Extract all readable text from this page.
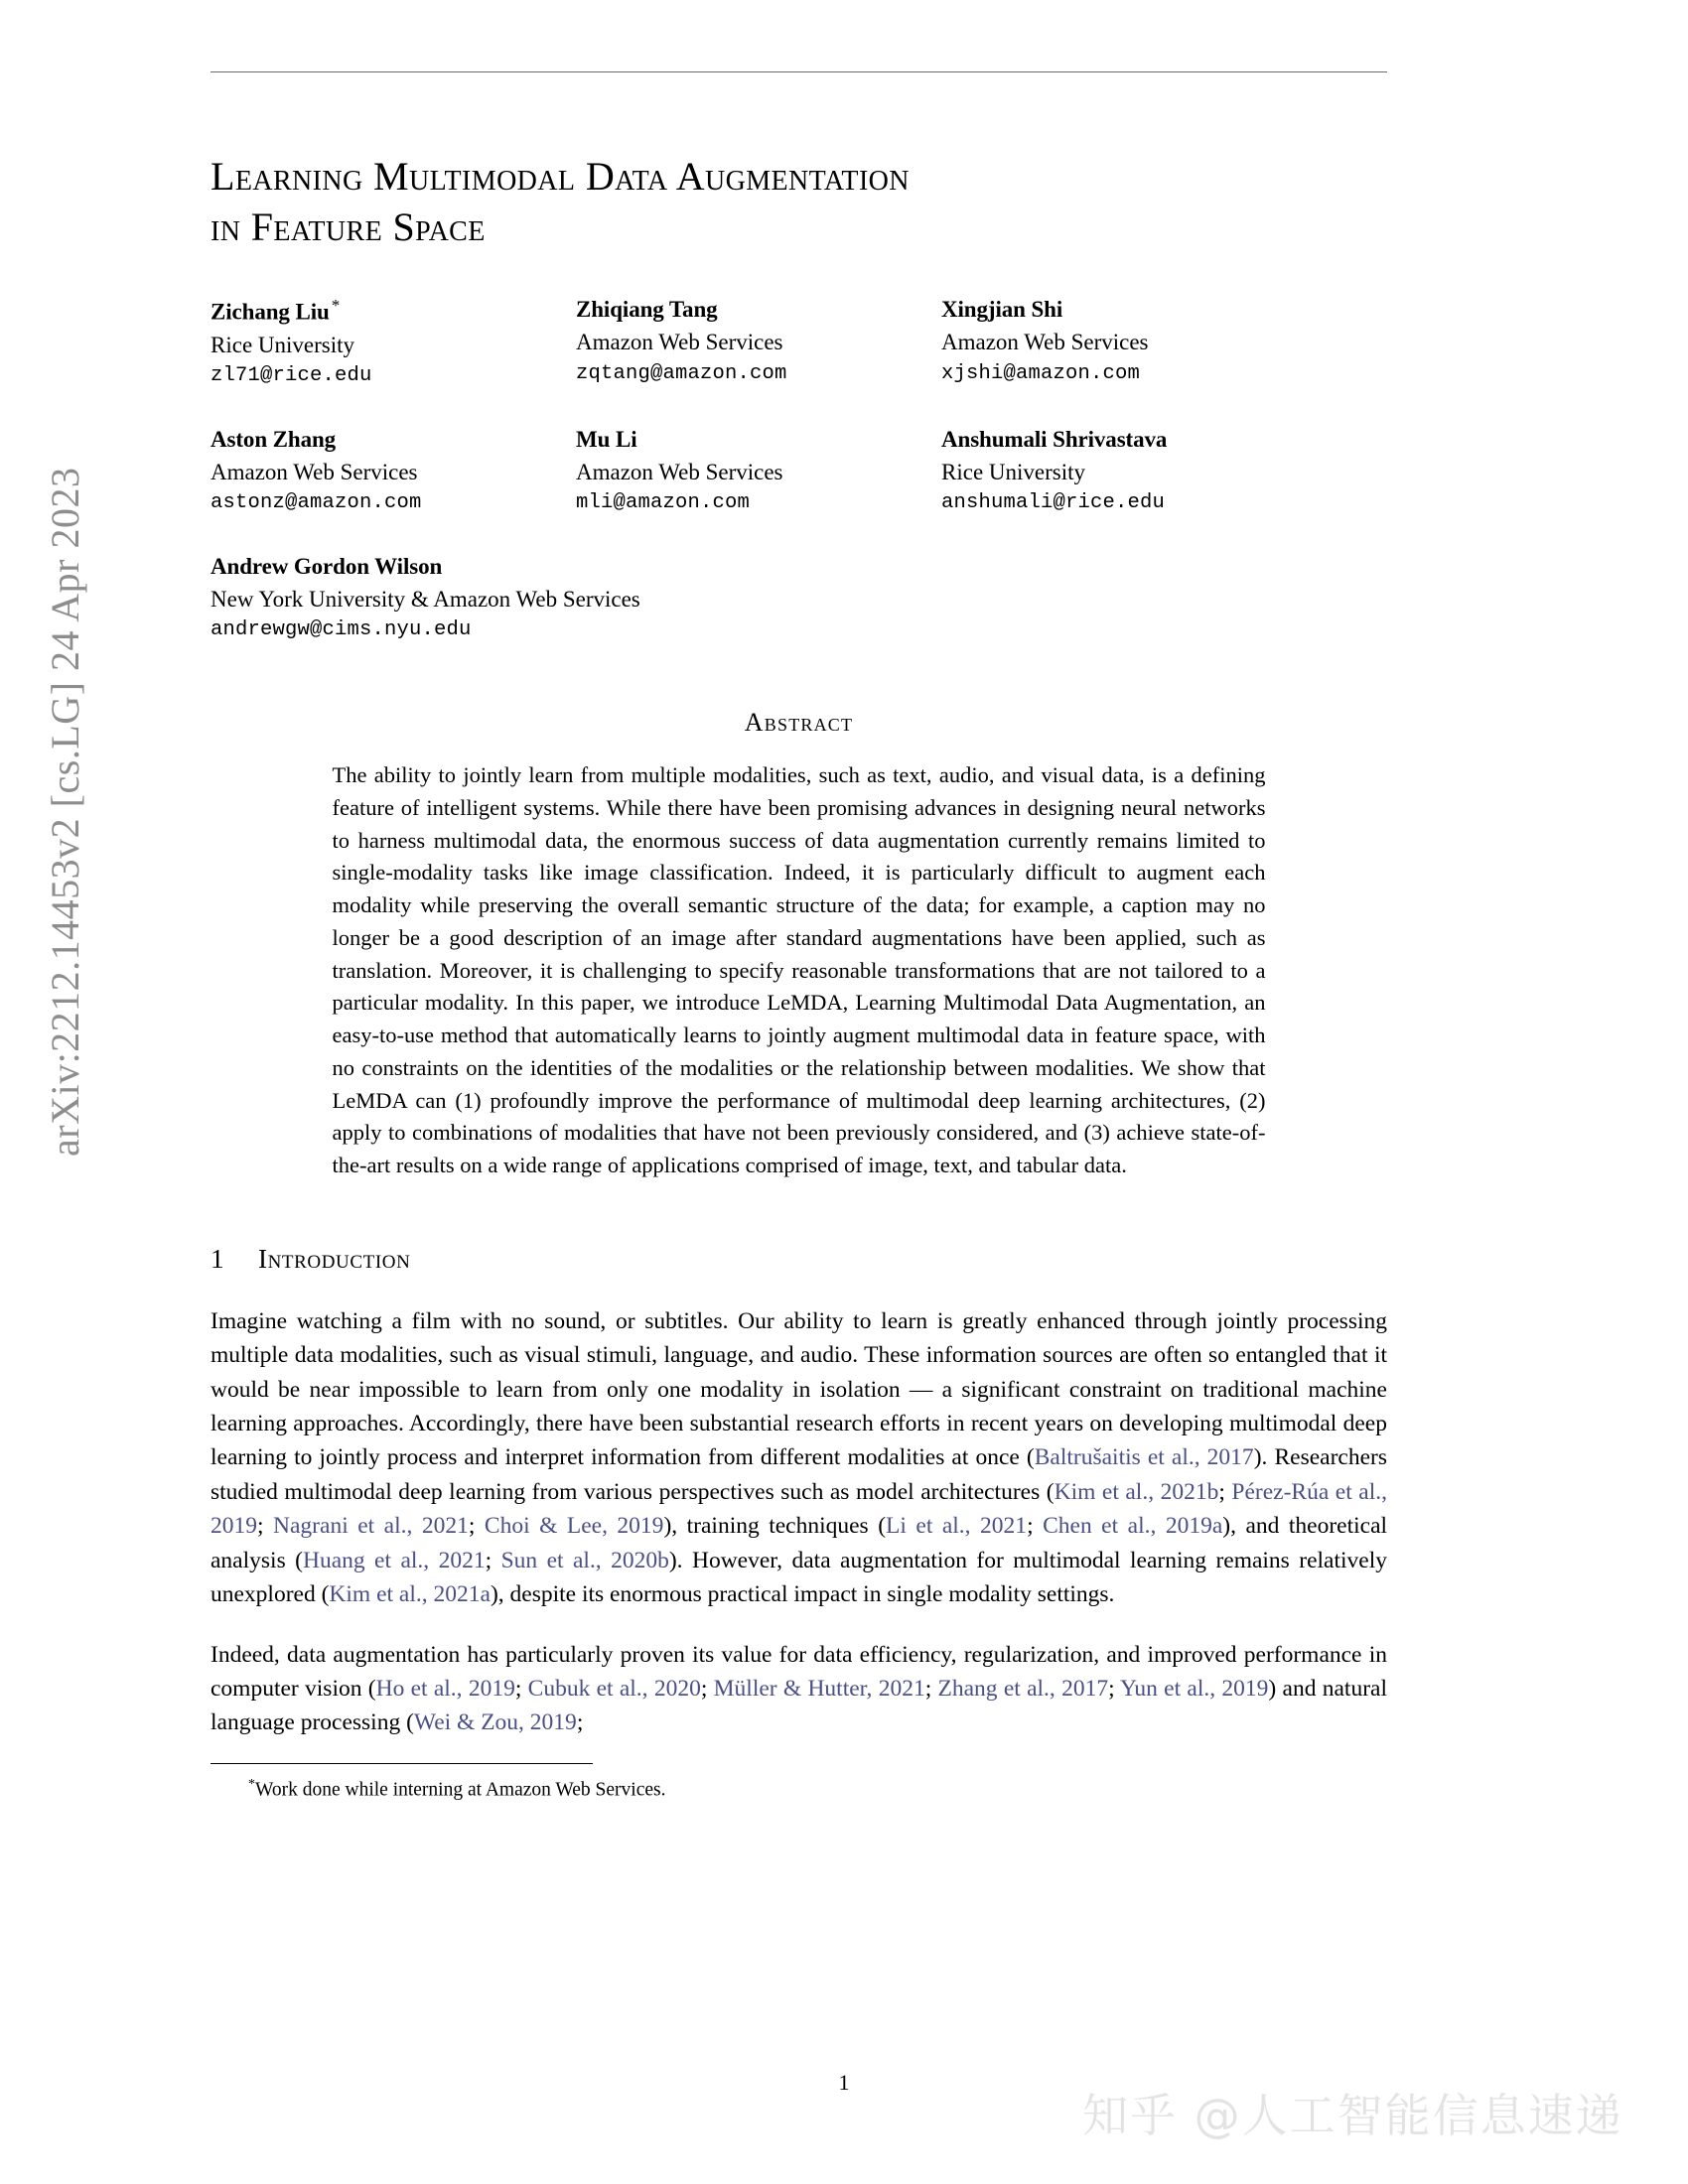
arXiv:2212.14453v2 [cs.LG] 24 Apr 2023
Learning Multimodal Data Augmentation
in Feature Space
Zichang Liu *
Rice University
zl71@rice.edu
Zhiqiang Tang
Amazon Web Services
zqtang@amazon.com
Xingjian Shi
Amazon Web Services
xjshi@amazon.com
Aston Zhang
Amazon Web Services
astonz@amazon.com
Mu Li
Amazon Web Services
mli@amazon.com
Anshumali Shrivastava
Rice University
anshumali@rice.edu
Andrew Gordon Wilson
New York University & Amazon Web Services
andrewgw@cims.nyu.edu
Abstract
The ability to jointly learn from multiple modalities, such as text, audio, and visual data, is a defining feature of intelligent systems. While there have been promising advances in designing neural networks to harness multimodal data, the enormous success of data augmentation currently remains limited to single-modality tasks like image classification. Indeed, it is particularly difficult to augment each modality while preserving the overall semantic structure of the data; for example, a caption may no longer be a good description of an image after standard augmentations have been applied, such as translation. Moreover, it is challenging to specify reasonable transformations that are not tailored to a particular modality. In this paper, we introduce LeMDA, Learning Multimodal Data Augmentation, an easy-to-use method that automatically learns to jointly augment multimodal data in feature space, with no constraints on the identities of the modalities or the relationship between modalities. We show that LeMDA can (1) profoundly improve the performance of multimodal deep learning architectures, (2) apply to combinations of modalities that have not been previously considered, and (3) achieve state-of-the-art results on a wide range of applications comprised of image, text, and tabular data.
1	Introduction

Imagine watching a film with no sound, or subtitles. Our ability to learn is greatly enhanced through jointly processing multiple data modalities, such as visual stimuli, language, and audio. These information sources are often so entangled that it would be near impossible to learn from only one modality in isolation — a significant constraint on traditional machine learning approaches. Accordingly, there have been substantial research efforts in recent years on developing multimodal deep learning to jointly process and interpret information from different modalities at once (Baltrušaitis et al., 2017). Researchers studied multimodal deep learning from various perspectives such as model architectures (Kim et al., 2021b; Pérez-Rúa et al., 2019; Nagrani et al., 2021; Choi & Lee, 2019), training techniques (Li et al., 2021; Chen et al., 2019a), and theoretical analysis (Huang et al., 2021; Sun et al., 2020b). However, data augmentation for multimodal learning remains relatively unexplored (Kim et al., 2021a), despite its enormous practical impact in single modality settings.

Indeed, data augmentation has particularly proven its value for data efficiency, regularization, and improved performance in computer vision (Ho et al., 2019; Cubuk et al., 2020; Müller & Hutter, 2021; Zhang et al., 2017; Yun et al., 2019) and natural language processing (Wei & Zou, 2019;

*Work done while interning at Amazon Web Services.
1
知乎 @人工智能信息速递
